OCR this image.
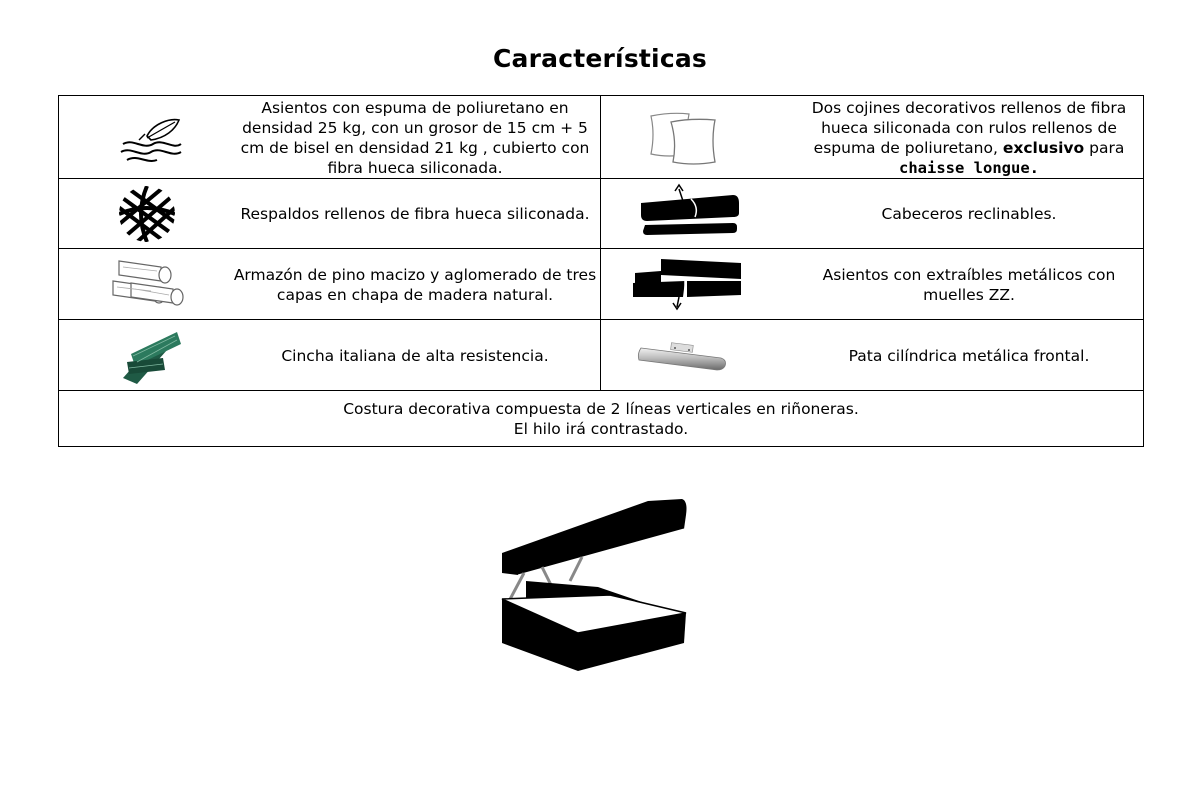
Características
Asientos con espuma de poliuretano en densidad 25 kg, con un grosor de 15 cm + 5 cm de bisel en densidad 21 kg , cubierto con fibra hueca siliconada.
Dos cojines decorativos rellenos de fibra hueca siliconada con rulos rellenos de espuma de poliuretano, exclusivo para chaisse longue.
Respaldos rellenos de fibra hueca siliconada.	Cabeceros reclinables.
Armazón de pino macizo y aglomerado de tres capas en chapa de madera natural.
Asientos con extraíbles metálicos con muelles ZZ.
Cincha italiana de alta resistencia.	Pata cilíndrica metálica frontal.
Costura decorativa compuesta de 2 líneas verticales en riñoneras.
El hilo irá contrastado.
